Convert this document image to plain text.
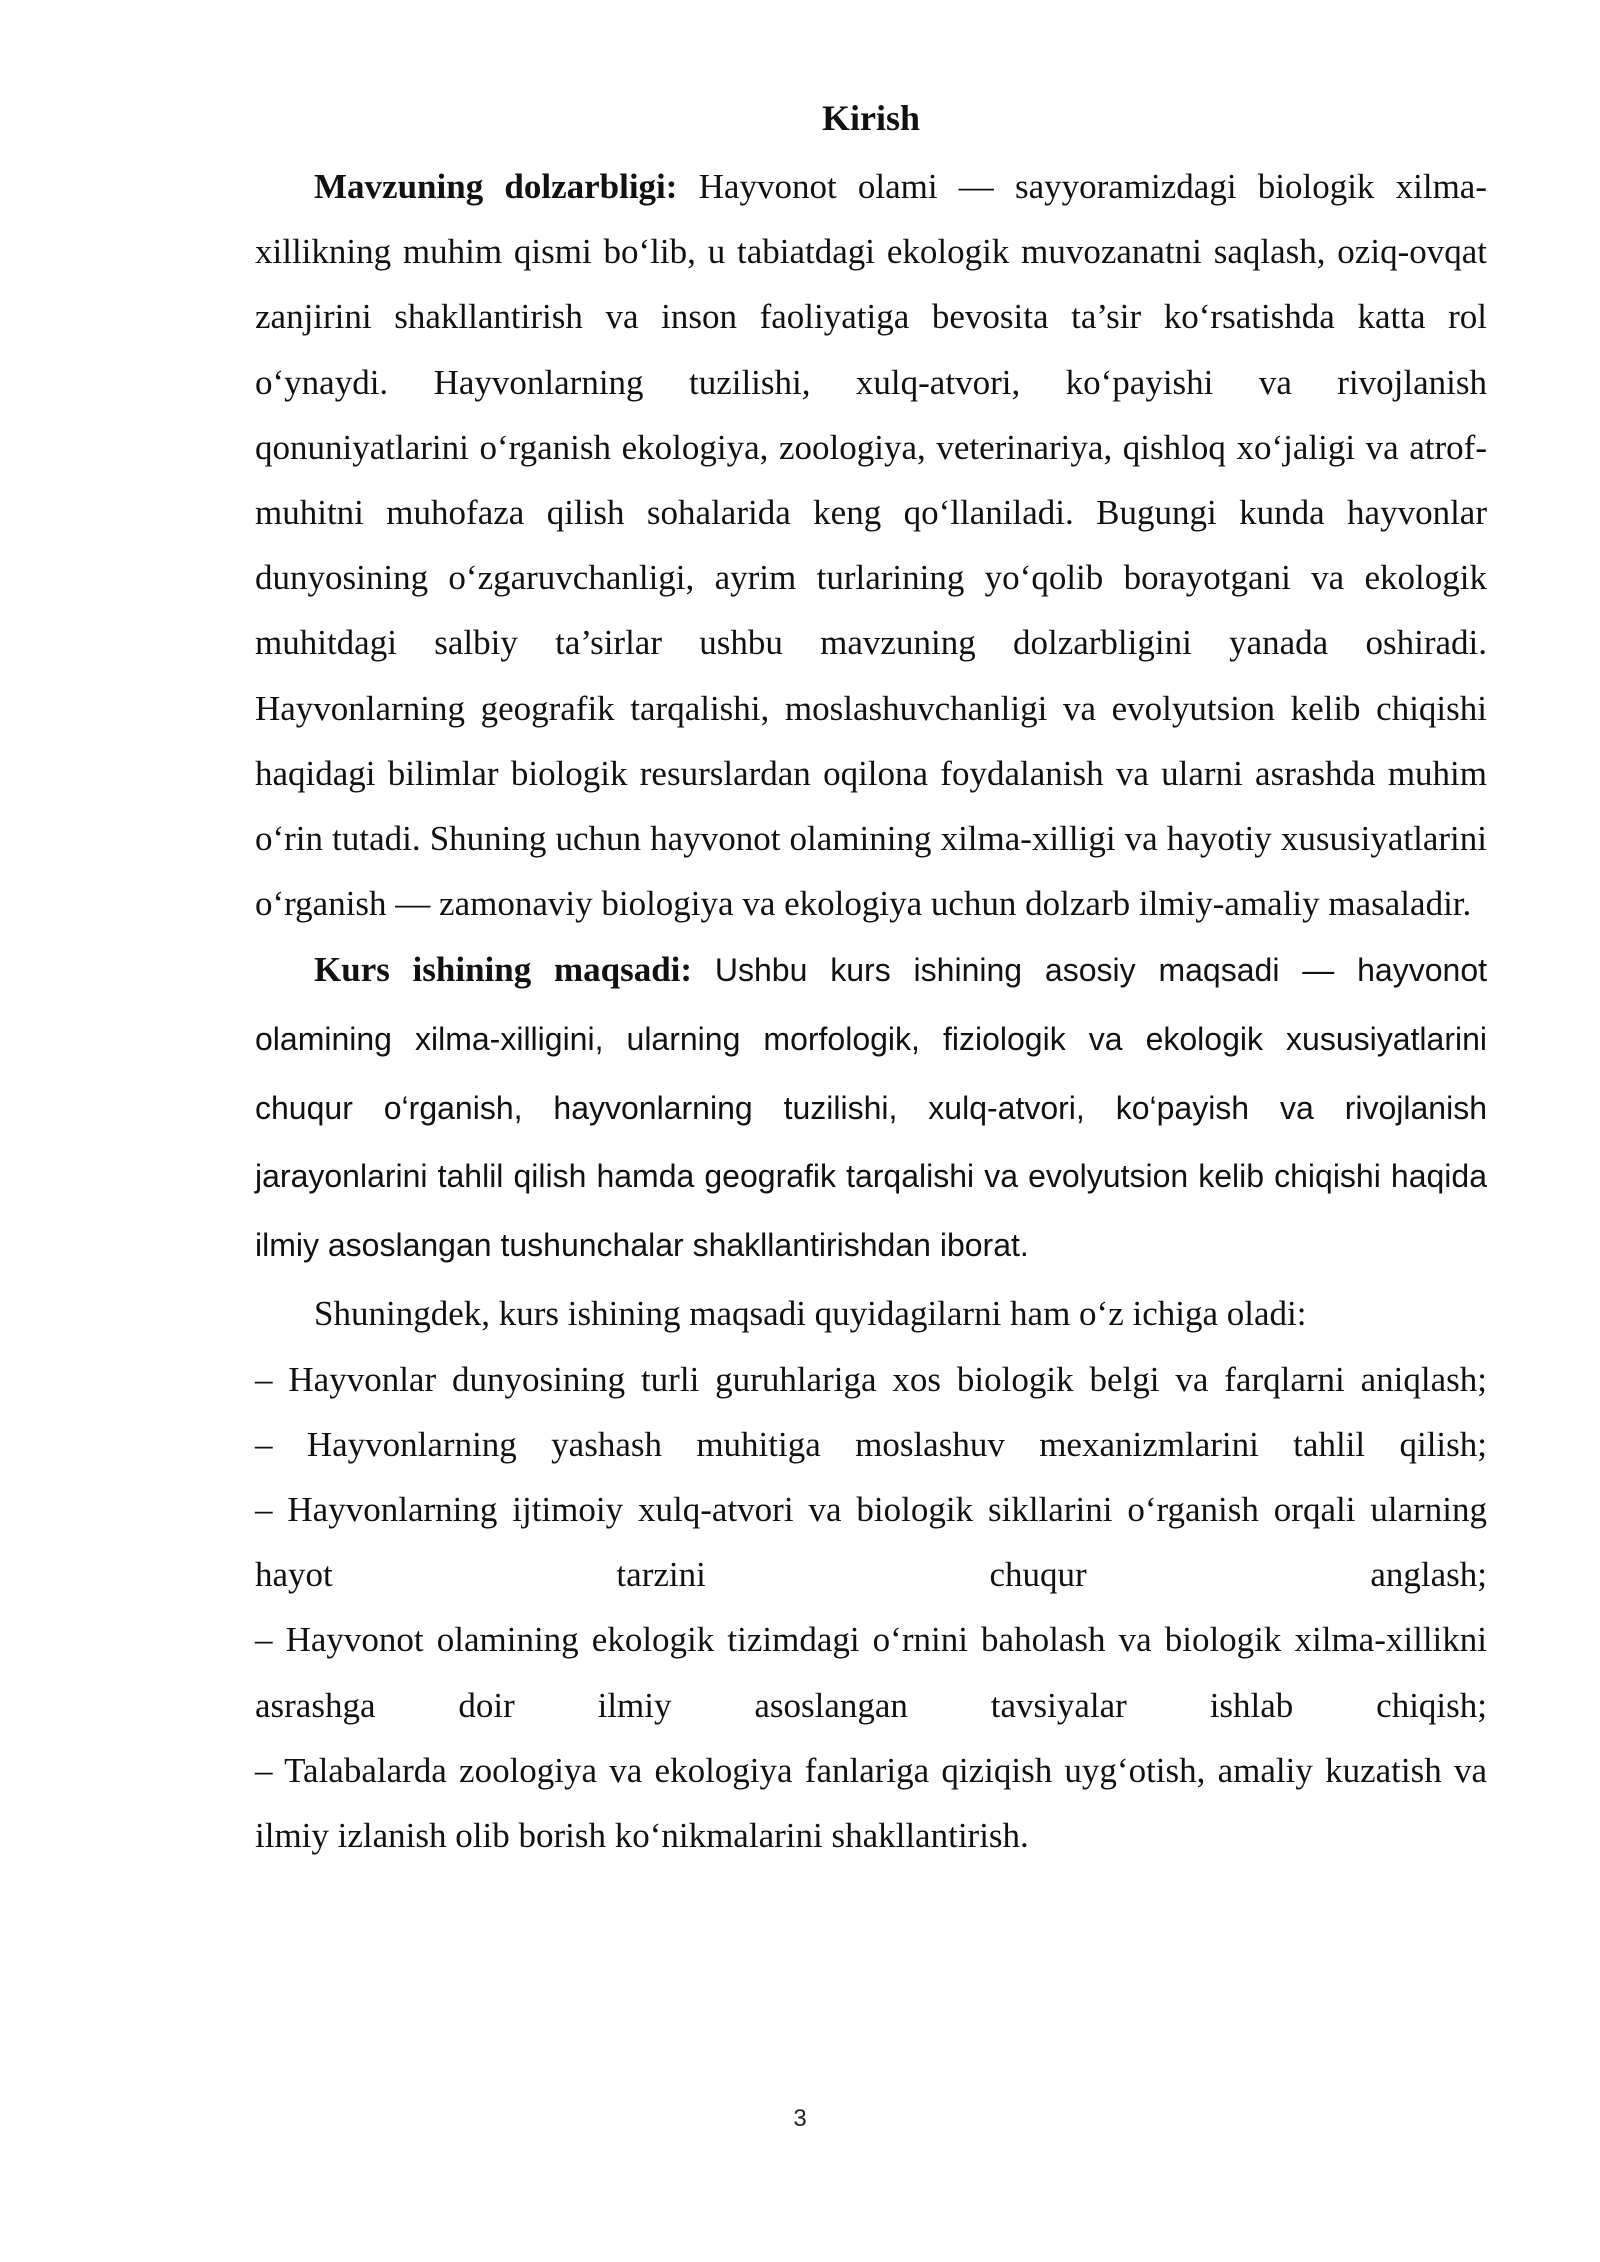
Kirish

Mavzuning dolzarbligi: Hayvonot olami — sayyoramizdagi biologik xilma-xillikning muhim qismi bo‘lib, u tabiatdagi ekologik muvozanatni saqlash, oziq-ovqat zanjirini shakllantirish va inson faoliyatiga bevosita ta’sir ko‘rsatishda katta rol o‘ynaydi. Hayvonlarning tuzilishi, xulq-atvori, ko‘payishi va rivojlanish qonuniyatlarini o‘rganish ekologiya, zoologiya, veterinariya, qishloq xo‘jaligi va atrof-muhitni muhofaza qilish sohalarida keng qo‘llaniladi. Bugungi kunda hayvonlar dunyosining o‘zgaruvchanligi, ayrim turlarining yo‘qolib borayotgani va ekologik muhitdagi salbiy ta’sirlar ushbu mavzuning dolzarbligini yanada oshiradi. Hayvonlarning geografik tarqalishi, moslashuvchanligi va evolyutsion kelib chiqishi haqidagi bilimlar biologik resurslardan oqilona foydalanish va ularni asrashda muhim o‘rin tutadi. Shuning uchun hayvonot olamining xilma-xilligi va hayotiy xususiyatlarini o‘rganish — zamonaviy biologiya va ekologiya uchun dolzarb ilmiy-amaliy masaladir.

Kurs ishining maqsadi: Ushbu kurs ishining asosiy maqsadi — hayvonot olamining xilma-xilligini, ularning morfologik, fiziologik va ekologik xususiyatlarini chuqur o‘rganish, hayvonlarning tuzilishi, xulq-atvori, ko‘payish va rivojlanish jarayonlarini tahlil qilish hamda geografik tarqalishi va evolyutsion kelib chiqishi haqida ilmiy asoslangan tushunchalar shakllantirishdan iborat.

Shuningdek, kurs ishining maqsadi quyidagilarni ham o‘z ichiga oladi:

– Hayvonlar dunyosining turli guruhlariga xos biologik belgi va farqlarni aniqlash;

– Hayvonlarning yashash muhitiga moslashuv mexanizmlarini tahlil qilish;

– Hayvonlarning ijtimoiy xulq-atvori va biologik sikllarini o‘rganish orqali ularning hayot tarzini chuqur anglash;

– Hayvonot olamining ekologik tizimdagi o‘rnini baholash va biologik xilma-xillikni asrashga doir ilmiy asoslangan tavsiyalar ishlab chiqish;

– Talabalarda zoologiya va ekologiya fanlariga qiziqish uyg‘otish, amaliy kuzatish va ilmiy izlanish olib borish ko‘nikmalarini shakllantirish.

3
